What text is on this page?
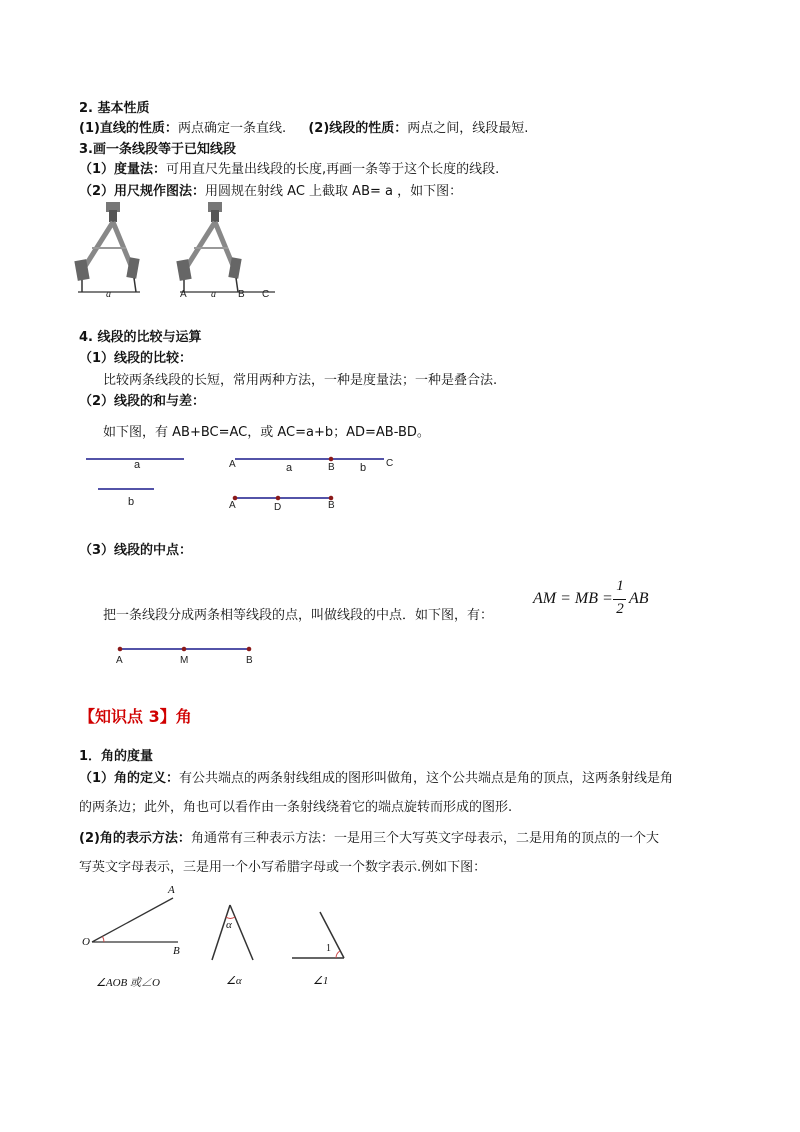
2. 基本性质
(1)直线的性质：两点确定一条直线. (2)线段的性质：两点之间，线段最短.
3.画一条线段等于已知线段
（1）度量法：可用直尺先量出线段的长度,再画一条等于这个长度的线段.
（2）用尺规作图法：用圆规在射线 AC 上截取 AB= a ，如下图：
a	A a B C
4. 线段的比较与运算
（1）线段的比较：
比较两条线段的长短，常用两种方法，一种是度量法；一种是叠合法.
（2）线段的和与差：
如下图，有 AB+BC=AC，或 AC=a+b；AD=AB-BD。
a
b
A	a	B b C
A	D	B
（3）线段的中点：
把一条线段分成两条相等线段的点，叫做线段的中点．如下图，有：
AM = MB =
1
2
AB
A	M	B
【知识点 3】角
1．角的度量
（1）角的定义：有公共端点的两条射线组成的图形叫做角，这个公共端点是角的顶点，这两条射线是角
的两条边；此外，角也可以看作由一条射线绕着它的端点旋转而形成的图形.
(2)角的表示方法：角通常有三种表示方法：一是用三个大写英文字母表示，二是用角的顶点的一个大
写英文字母表示，三是用一个小写希腊字母或一个数字表示.例如下图：
A
O
B
∠AOB 或∠O
α
∠α
1
∠1
